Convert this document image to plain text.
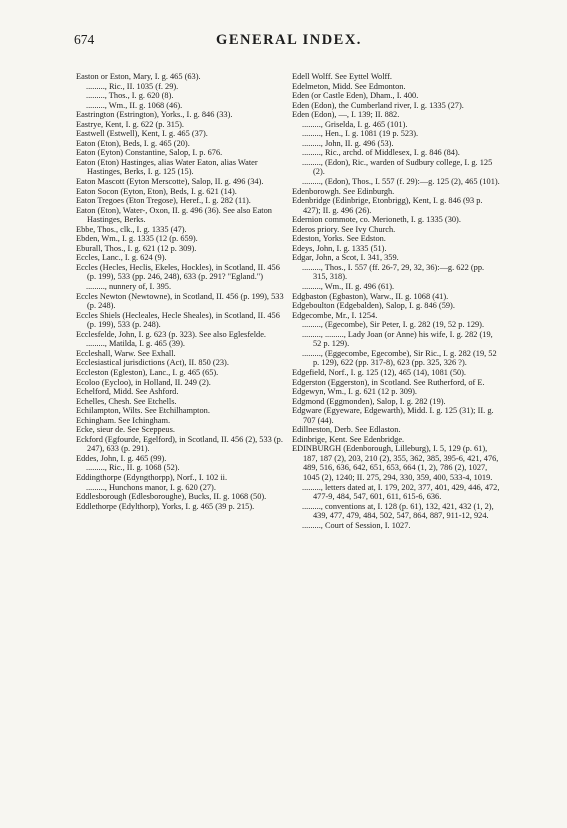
674	GENERAL INDEX.

Easton or Eston, Mary, I. g. 465 (63).

........., Ric., II. 1035 (f. 29).

........., Thos., I. g. 620 (8).

........., Wm., II. g. 1068 (46).

Eastrington (Estrington), Yorks., I. g. 846 (33).

Eastrye, Kent, I. g. 622 (p. 315).

Eastwell (Estwell), Kent, I. g. 465 (37).

Eaton (Eton), Beds, I. g. 465 (20).

Eaton (Eyton) Constantine, Salop, I. p. 676.

Eaton (Eton) Hastinges, alias Water Eaton, alias Water Hastinges, Berks, I. g. 125 (15).

Eaton Mascott (Eyton Merscotte), Salop, II. g. 496 (34).

Eaton Socon (Eyton, Eton), Beds, I. g. 621 (14).

Eaton Tregoes (Eton Tregose), Heref., I. g. 282 (11).

Eaton (Eton), Water-, Oxon, II. g. 496 (36). See also Eaton Hastinges, Berks.

Ebbe, Thos., clk., I. g. 1335 (47).

Ebden, Wm., I. g. 1335 (12 (p. 659).

Eburall, Thos., I. g. 621 (12 p. 309).

Eccles, Lanc., I. g. 624 (9).

Eccles (Hecles, Heclis, Ekeles, Hockles), in Scotland, II. 456 (p. 199), 533 (pp. 246, 248), 633 (p. 291? "Egland.")

........., nunnery of, I. 395.

Eccles Newton (Newtowne), in Scotland, II. 456 (p. 199), 533 (p. 248).

Eccles Shiels (Hecleales, Hecle Sheales), in Scotland, II. 456 (p. 199), 533 (p. 248).

Ecclesfelde, John, I. g. 623 (p. 323). See also Eglesfelde.

........., Matilda, I. g. 465 (39).

Eccleshall, Warw. See Exhall.

Ecclesiastical jurisdictions (Act), II. 850 (23).

Eccleston (Egleston), Lanc., I. g. 465 (65).

Ecoloo (Eycloo), in Holland, II. 249 (2).

Echelford, Midd. See Ashford.

Echelles, Chesh. See Etchells.

Echilampton, Wilts. See Etchilhampton.

Echingham. See Ichingham.

Ecke, sieur de. See Sceppeus.

Eckford (Egfourde, Egelford), in Scotland, II. 456 (2), 533 (p. 247), 633 (p. 291).

Eddes, John, I. g. 465 (99).

........., Ric., II. g. 1068 (52).

Eddingthorpe (Edyngthorpp), Norf., I. 102 ii.

........., Hunchons manor, I. g. 620 (27).

Eddlesborough (Edlesboroughe), Bucks, II. g. 1068 (50).

Eddlethorpe (Edylthorp), Yorks, I. g. 465 (39 p. 215).

Edell Wolff. See Eyttel Wolff.

Edelmeton, Midd. See Edmonton.

Eden (or Castle Eden), Dham., I. 400.

Eden (Edon), the Cumberland river, I. g. 1335 (27).

Eden (Edon), —, I. 139; II. 882.

........., Griselda, I. g. 465 (101).

........., Hen., I. g. 1081 (19 p. 523).

........., John, II. g. 496 (53).

........., Ric., archd. of Middlesex, I. g. 846 (84).

........., (Edon), Ric., warden of Sudbury college, I. g. 125 (2).

........., (Edon), Thos., I. 557 (f. 29):—g. 125 (2), 465 (101).

Edenborowgh. See Edinburgh.

Edenbridge (Edinbrige, Etonbrigg), Kent, I. g. 846 (93 p. 427); II. g. 496 (26).

Edernion commote, co. Merioneth, I. g. 1335 (30).

Ederos priory. See Ivy Church.

Edeston, Yorks. See Edston.

Edeys, John, I. g. 1335 (51).

Edgar, John, a Scot, I. 341, 359.

........., Thos., I. 557 (ff. 26-7, 29, 32, 36):—g. 622 (pp. 315, 318).

........., Wm., II. g. 496 (61).

Edgbaston (Egbaston), Warw., II. g. 1068 (41).

Edgeboulton (Edgebalden), Salop, I. g. 846 (59).

Edgecombe, Mr., I. 1254.

........., (Egecombe), Sir Peter, I. g. 282 (19, 52 p. 129).

........., ........., Lady Joan (or Anne) his wife, I. g. 282 (19, 52 p. 129).

........., (Eggecombe, Egecombe), Sir Ric., I. g. 282 (19, 52 p. 129), 622 (pp. 317-8), 623 (pp. 325, 326 ?).

Edgefield, Norf., I. g. 125 (12), 465 (14), 1081 (50).

Edgerston (Eggerston), in Scotland. See Rutherford, of E.

Edgewyn, Wm., I. g. 621 (12 p. 309).

Edgmond (Eggmonden), Salop, I. g. 282 (19).

Edgware (Egyeware, Edgewarth), Midd. I. g. 125 (31); II. g. 707 (44).

Edillneston, Derb. See Edlaston.

Edinbrige, Kent. See Edenbridge.

EDINBURGH (Edenborough, Lilleburg), I. 5, 129 (p. 61), 187, 187 (2), 203, 210 (2), 355, 362, 385, 395-6, 421, 476, 489, 516, 636, 642, 651, 653, 664 (1, 2), 786 (2), 1027, 1045 (2), 1240; II. 275, 294, 330, 359, 400, 533-4, 1019.

........., letters dated at, I. 179, 202, 377, 401, 429, 446, 472, 477-9, 484, 547, 601, 611, 615-6, 636.

........., conventions at, I. 128 (p. 61), 132, 421, 432 (1, 2), 439, 477, 479, 484, 502, 547, 864, 887, 911-12, 924.

........., Court of Session, I. 1027.
